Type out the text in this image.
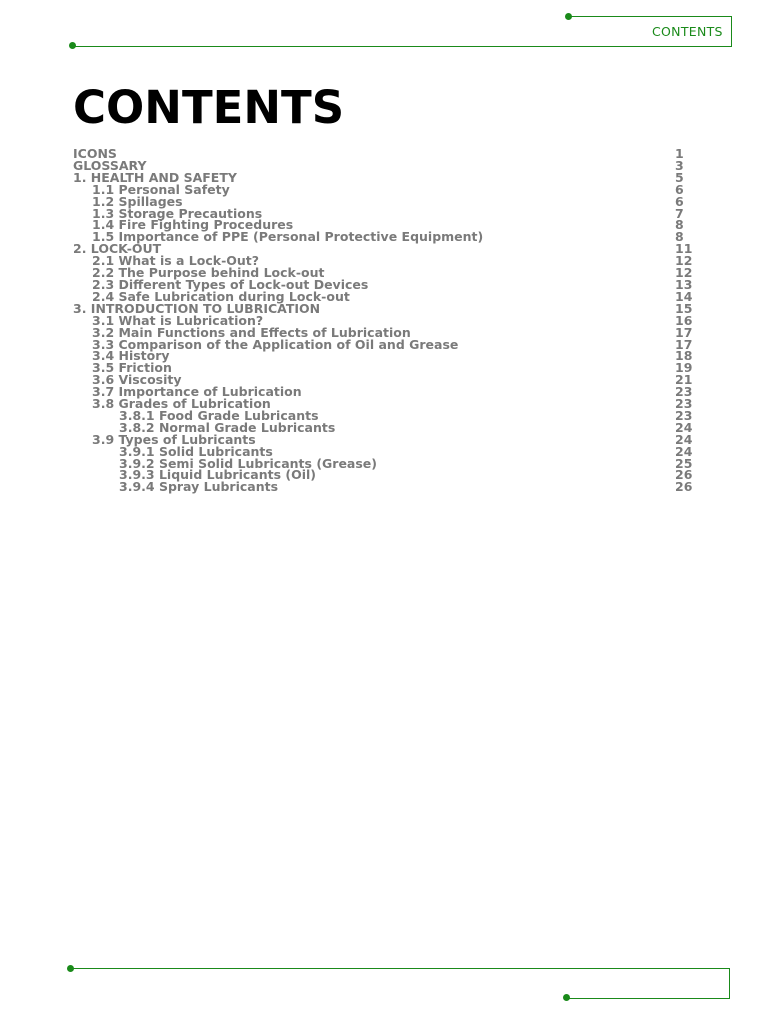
CONTENTS
CONTENTS
ICONS	1
GLOSSARY	3
1. HEALTH AND SAFETY	5
1.1 Personal Safety	6
1.2 Spillages	6
1.3 Storage Precautions	7
1.4 Fire Fighting Procedures	8
1.5 Importance of PPE (Personal Protective Equipment)	8
2. LOCK-OUT	11
2.1 What is a Lock-Out?	12
2.2 The Purpose behind Lock-out	12
2.3 Different Types of Lock-out Devices	13
2.4 Safe Lubrication during Lock-out	14
3. INTRODUCTION TO LUBRICATION	15
3.1 What is Lubrication?	16
3.2 Main Functions and Effects of Lubrication	17
3.3 Comparison of the Application of Oil and Grease	17
3.4 History	18
3.5 Friction	19
3.6 Viscosity	21
3.7 Importance of Lubrication	23
3.8 Grades of Lubrication	23
3.8.1 Food Grade Lubricants	23
3.8.2 Normal Grade Lubricants	24
3.9 Types of Lubricants	24
3.9.1 Solid Lubricants	24
3.9.2 Semi Solid Lubricants (Grease)	25
3.9.3 Liquid Lubricants (Oil)	26
3.9.4 Spray Lubricants	26
